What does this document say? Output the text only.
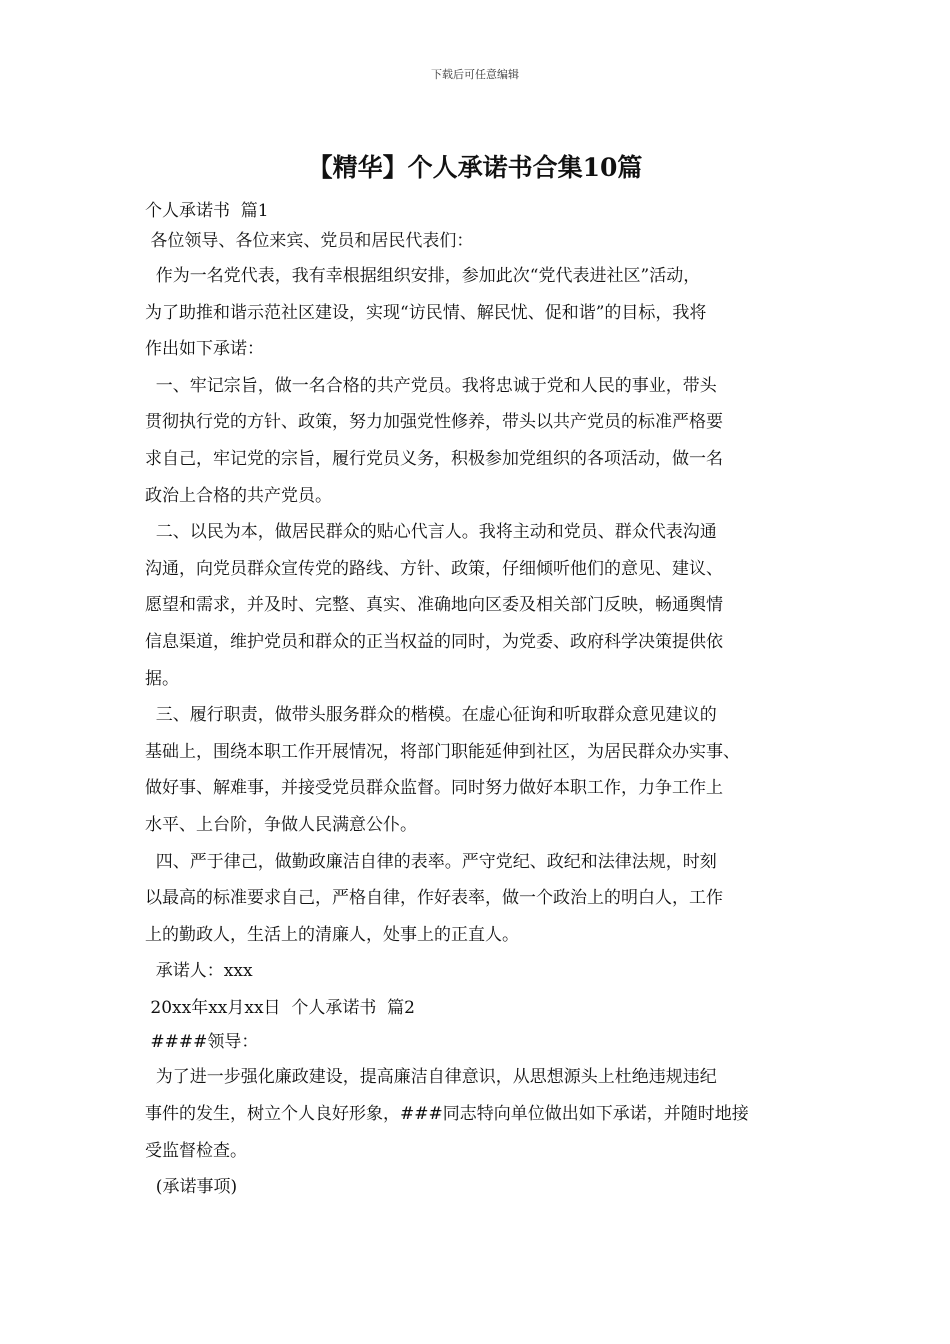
下载后可任意编辑
【精华】个人承诺书合集10篇
个人承诺书  篇1
各位领导、各位来宾、党员和居民代表们：
作为一名党代表，我有幸根据组织安排，参加此次“党代表进社区”活动，
为了助推和谐示范社区建设，实现“访民情、解民忧、促和谐”的目标，我将
作出如下承诺：
一、牢记宗旨，做一名合格的共产党员。我将忠诚于党和人民的事业，带头
贯彻执行党的方针、政策，努力加强党性修养，带头以共产党员的标准严格要
求自己，牢记党的宗旨，履行党员义务，积极参加党组织的各项活动，做一名
政治上合格的共产党员。
二、以民为本，做居民群众的贴心代言人。我将主动和党员、群众代表沟通
沟通，向党员群众宣传党的路线、方针、政策，仔细倾听他们的意见、建议、
愿望和需求，并及时、完整、真实、准确地向区委及相关部门反映，畅通舆情
信息渠道，维护党员和群众的正当权益的同时，为党委、政府科学决策提供依
据。
三、履行职责，做带头服务群众的楷模。在虚心征询和听取群众意见建议的
基础上，围绕本职工作开展情况，将部门职能延伸到社区，为居民群众办实事、
做好事、解难事，并接受党员群众监督。同时努力做好本职工作，力争工作上
水平、上台阶，争做人民满意公仆。
四、严于律己，做勤政廉洁自律的表率。严守党纪、政纪和法律法规，时刻
以最高的标准要求自己，严格自律，作好表率，做一个政治上的明白人，工作
上的勤政人，生活上的清廉人，处事上的正直人。
承诺人：xxx
20xx年xx月xx日  个人承诺书  篇2
####领导：
为了进一步强化廉政建设，提高廉洁自律意识，从思想源头上杜绝违规违纪
事件的发生，树立个人良好形象，###同志特向单位做出如下承诺，并随时地接
受监督检查。
(承诺事项)
